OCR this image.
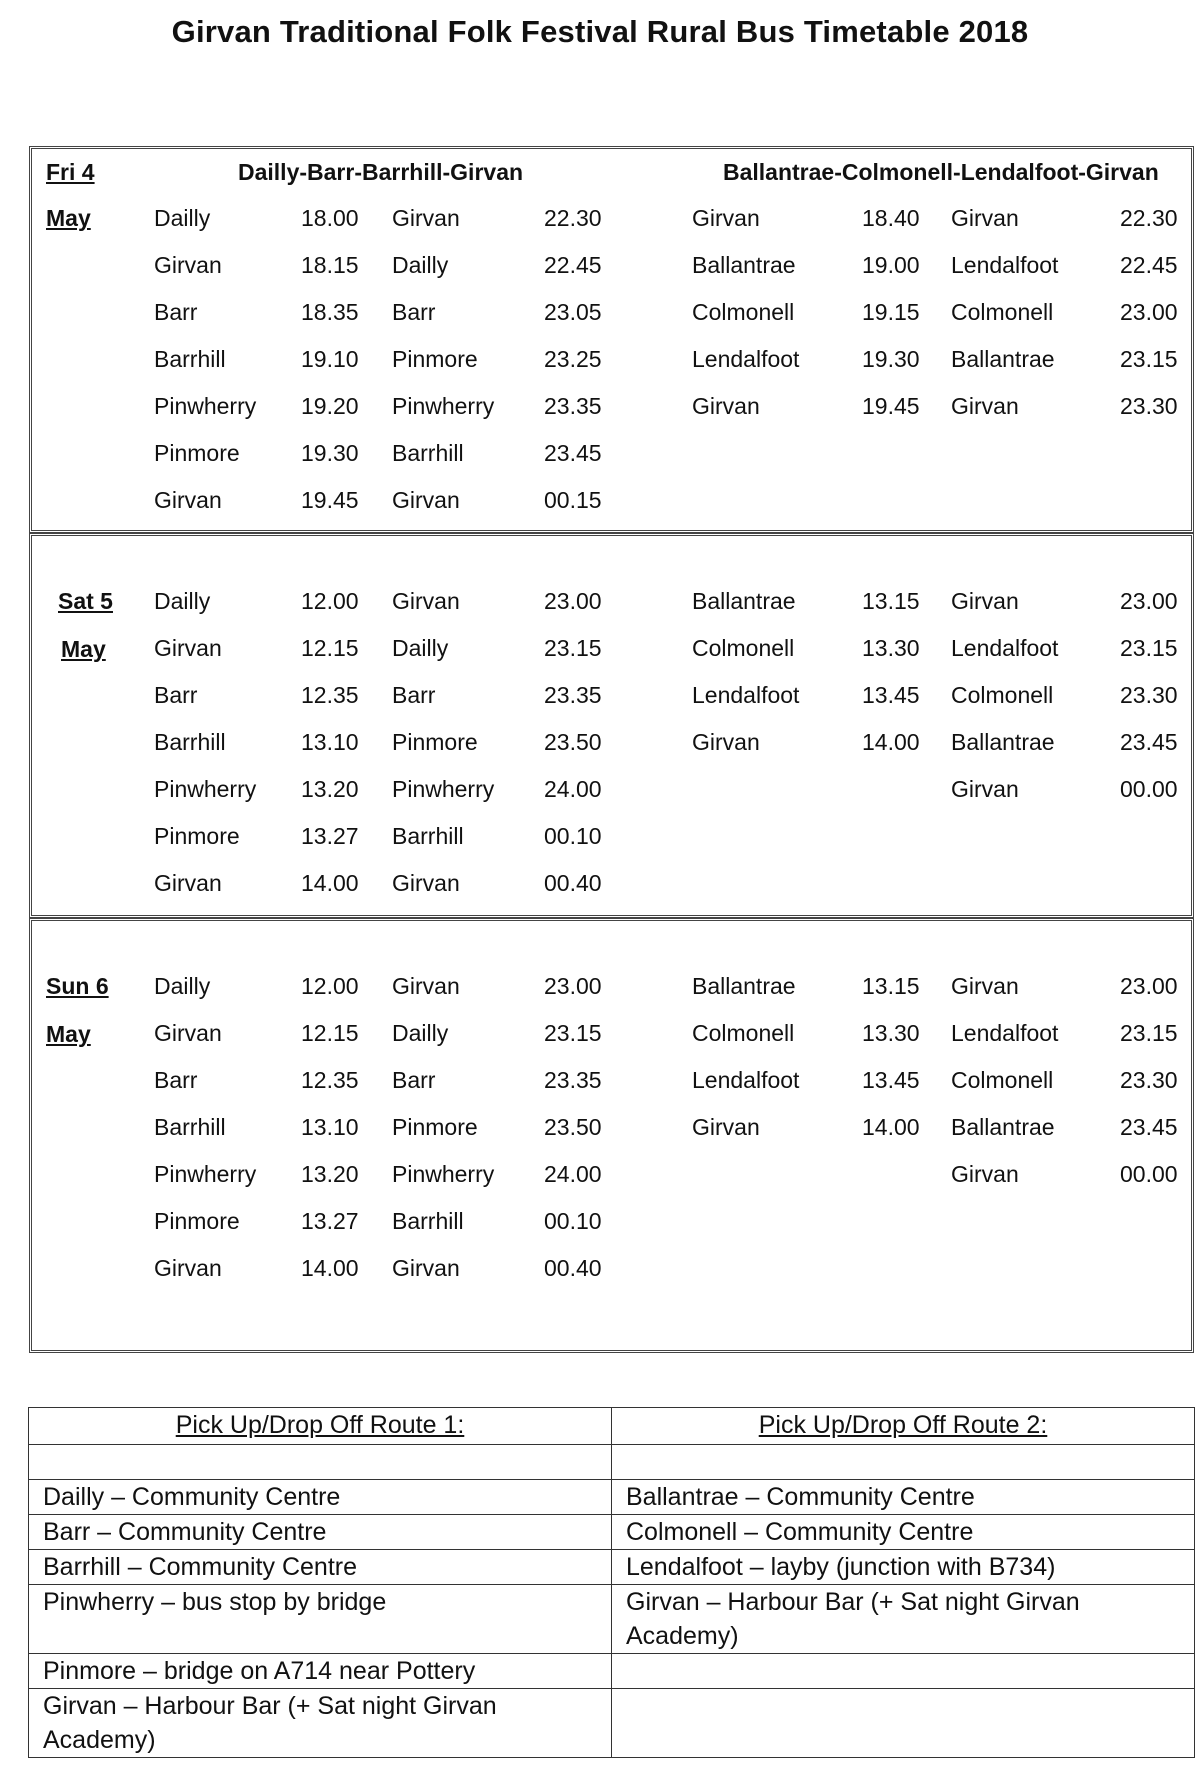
Girvan Traditional Folk Festival Rural Bus Timetable 2018
Fri 4	Dailly-Barr-Barrhill-Girvan	Ballantrae-Colmonell-Lendalfoot-Girvan
May	Dailly	18.00 Girvan	22.30	Girvan	18.40 Girvan	22.30
Girvan	18.15 Dailly	22.45	Ballantrae	19.00 Lendalfoot	22.45
Barr	18.35 Barr	23.05	Colmonell	19.15 Colmonell	23.00
Barrhill	19.10 Pinmore	23.25	Lendalfoot	19.30 Ballantrae	23.15
Pinwherry 19.20 Pinwherry 23.35	Girvan	19.45 Girvan	23.30
Pinmore	19.30 Barrhill	23.45
Girvan	19.45 Girvan	00.15
Sat 5
May
Dailly	12.00 Girvan	23.00	Ballantrae	13.15 Girvan	23.00
Girvan	12.15 Dailly	23.15	Colmonell	13.30 Lendalfoot	23.15
Barr	12.35 Barr	23.35	Lendalfoot	13.45 Colmonell	23.30
Barrhill	13.10 Pinmore	23.50	Girvan	14.00 Ballantrae	23.45
Pinwherry 13.20 Pinwherry 24.00	Girvan	00.00
Pinmore	13.27 Barrhill	00.10
Girvan	14.00 Girvan	00.40
Sun 6
May
Dailly	12.00 Girvan	23.00	Ballantrae	13.15 Girvan	23.00
Girvan	12.15 Dailly	23.15	Colmonell	13.30 Lendalfoot	23.15
Barr	12.35 Barr	23.35	Lendalfoot	13.45 Colmonell	23.30
Barrhill	13.10 Pinmore	23.50	Girvan	14.00 Ballantrae	23.45
Pinwherry 13.20 Pinwherry 24.00	Girvan	00.00
Pinmore	13.27 Barrhill	00.10
Girvan	14.00 Girvan	00.40
Pick Up/Drop Off Route 1:	Pick Up/Drop Off Route 2:

Dailly – Community Centre	Ballantrae – Community Centre
Barr – Community Centre	Colmonell – Community Centre
Barrhill – Community Centre	Lendalfoot – layby (junction with B734)
Pinwherry – bus stop by bridge	Girvan – Harbour Bar (+ Sat night Girvan Academy)
Pinmore – bridge on A714 near Pottery	
Girvan – Harbour Bar (+ Sat night Girvan Academy)	
